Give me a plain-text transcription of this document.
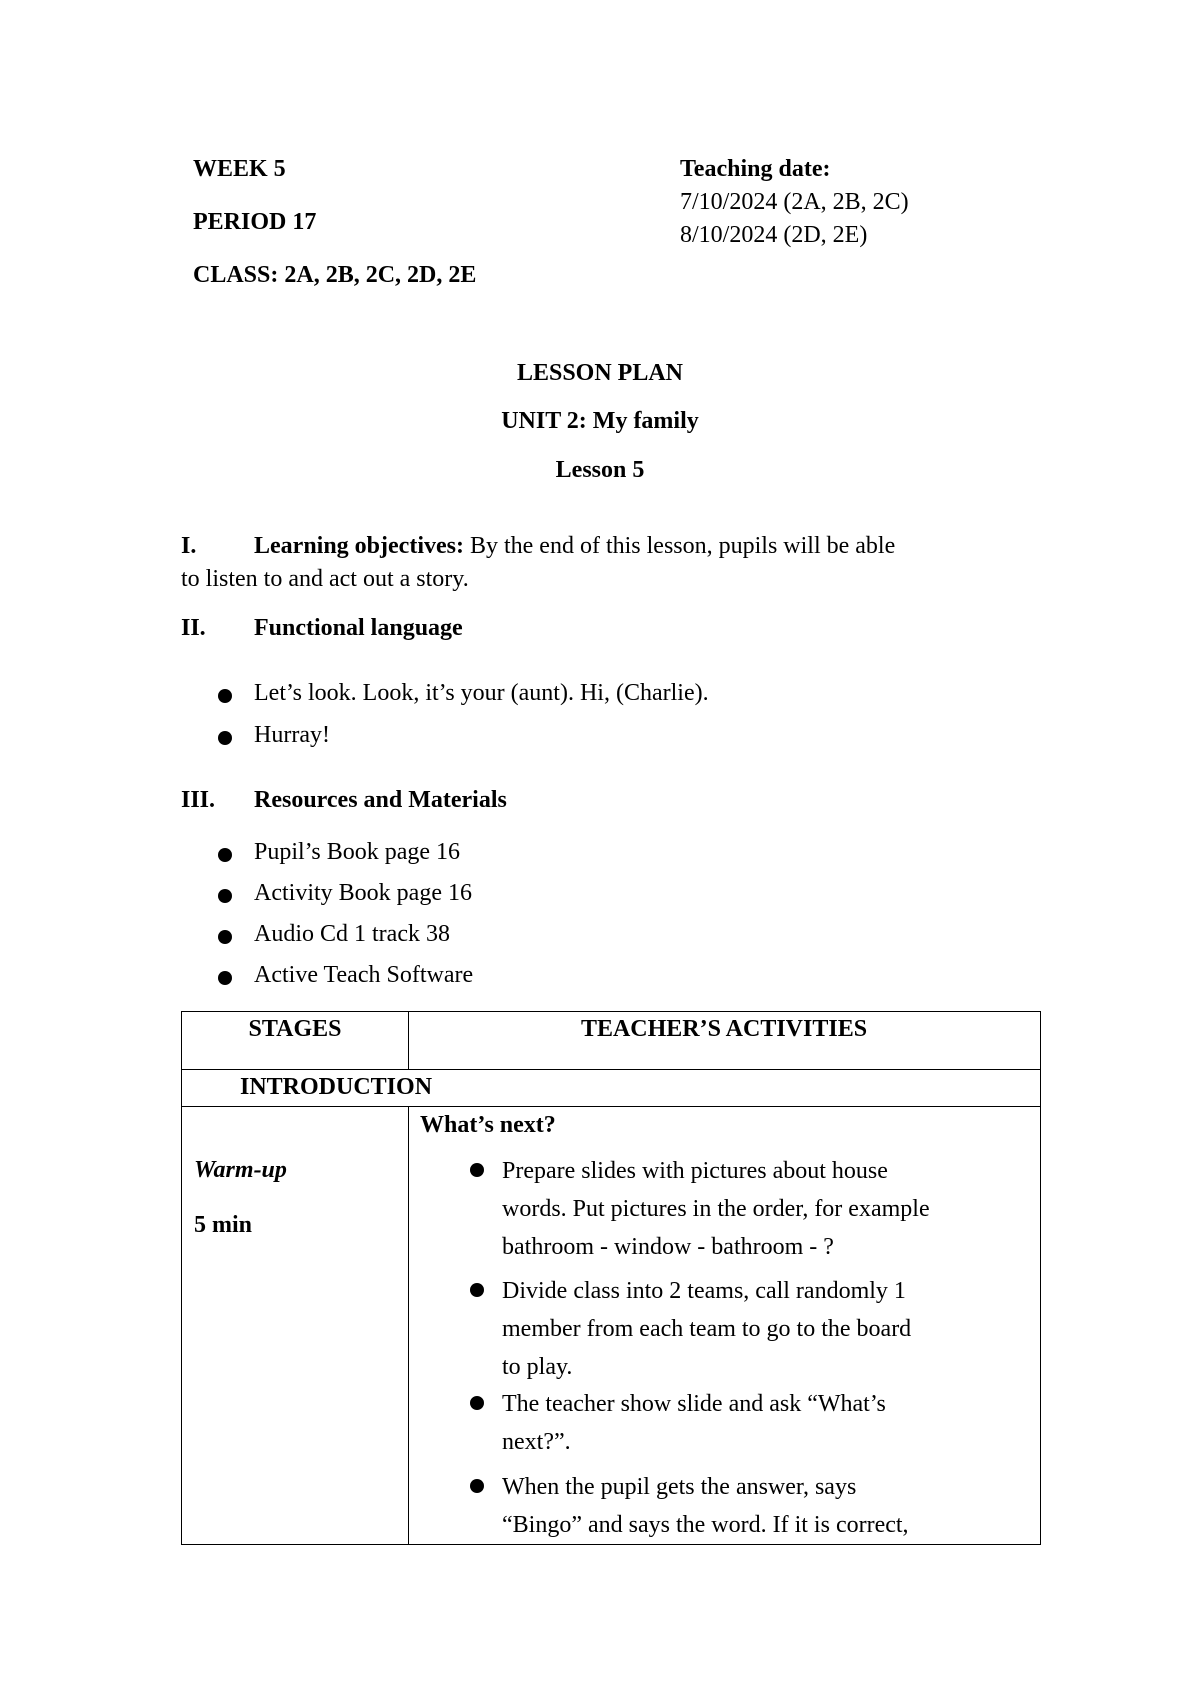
WEEK 5
PERIOD 17
CLASS: 2A, 2B, 2C, 2D, 2E
Teaching date:
7/10/2024 (2A, 2B, 2C)
8/10/2024 (2D, 2E)
LESSON PLAN
UNIT 2: My family
Lesson 5
I. Learning objectives: By the end of this lesson, pupils will be able
to listen to and act out a story.
II. Functional language
Let’s look. Look, it’s your (aunt). Hi, (Charlie).
Hurray!
III. Resources and Materials
Pupil’s Book page 16
Activity Book page 16
Audio Cd 1 track 38
Active Teach Software
STAGES	TEACHER’S ACTIVITIES
INTRODUCTION
Warm-up
5 min
What’s next?
Prepare slides with pictures about house
words. Put pictures in the order, for example
bathroom - window - bathroom - ?
Divide class into 2 teams, call randomly 1
member from each team to go to the board
to play.
The teacher show slide and ask “What’s
next?”.
When the pupil gets the answer, says
“Bingo” and says the word. If it is correct,
